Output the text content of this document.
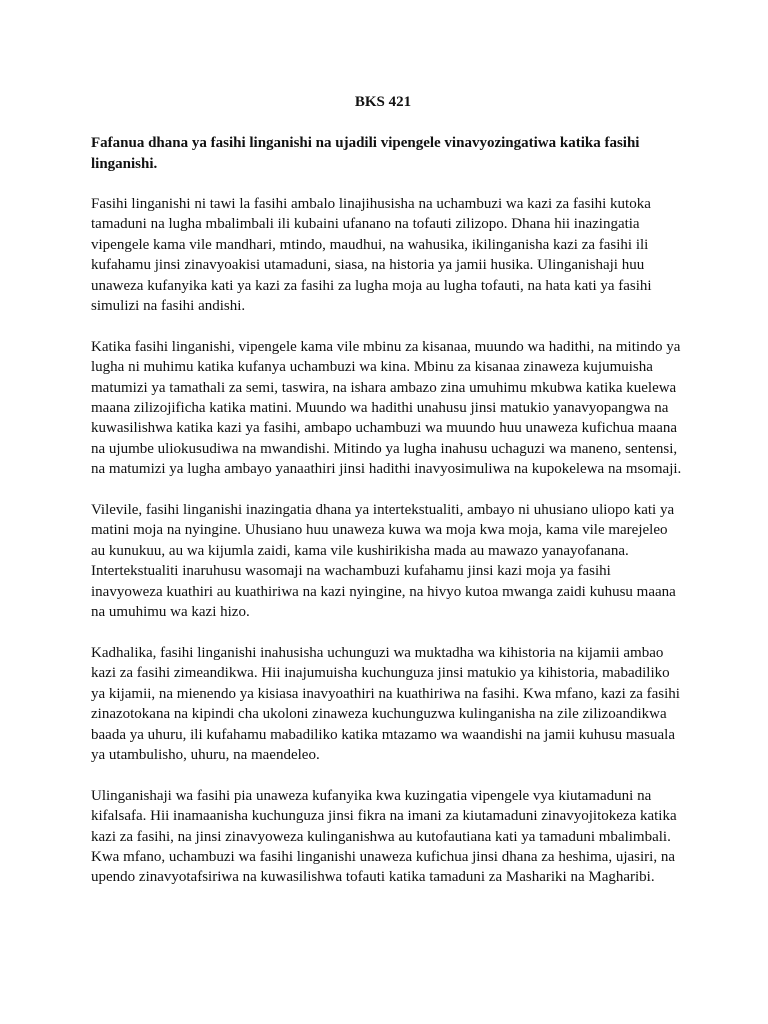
BKS 421

Fafanua dhana ya fasihi linganishi na ujadili vipengele vinavyozingatiwa katika fasihi linganishi.

Fasihi linganishi ni tawi la fasihi ambalo linajihusisha na uchambuzi wa kazi za fasihi kutoka tamaduni na lugha mbalimbali ili kubaini ufanano na tofauti zilizopo. Dhana hii inazingatia vipengele kama vile mandhari, mtindo, maudhui, na wahusika, ikilinganisha kazi za fasihi ili kufahamu jinsi zinavyoakisi utamaduni, siasa, na historia ya jamii husika. Ulinganishaji huu unaweza kufanyika kati ya kazi za fasihi za lugha moja au lugha tofauti, na hata kati ya fasihi simulizi na fasihi andishi.

Katika fasihi linganishi, vipengele kama vile mbinu za kisanaa, muundo wa hadithi, na mitindo ya lugha ni muhimu katika kufanya uchambuzi wa kina. Mbinu za kisanaa zinaweza kujumuisha matumizi ya tamathali za semi, taswira, na ishara ambazo zina umuhimu mkubwa katika kuelewa maana zilizojificha katika matini. Muundo wa hadithi unahusu jinsi matukio yanavyopangwa na kuwasilishwa katika kazi ya fasihi, ambapo uchambuzi wa muundo huu unaweza kufichua maana na ujumbe uliokusudiwa na mwandishi. Mitindo ya lugha inahusu uchaguzi wa maneno, sentensi, na matumizi ya lugha ambayo yanaathiri jinsi hadithi inavyosimuliwa na kupokelewa na msomaji.

Vilevile, fasihi linganishi inazingatia dhana ya intertekstualiti, ambayo ni uhusiano uliopo kati ya matini moja na nyingine. Uhusiano huu unaweza kuwa wa moja kwa moja, kama vile marejeleo au kunukuu, au wa kijumla zaidi, kama vile kushirikisha mada au mawazo yanayofanana. Intertekstualiti inaruhusu wasomaji na wachambuzi kufahamu jinsi kazi moja ya fasihi inavyoweza kuathiri au kuathiriwa na kazi nyingine, na hivyo kutoa mwanga zaidi kuhusu maana na umuhimu wa kazi hizo.

Kadhalika, fasihi linganishi inahusisha uchunguzi wa muktadha wa kihistoria na kijamii ambao kazi za fasihi zimeandikwa. Hii inajumuisha kuchunguza jinsi matukio ya kihistoria, mabadiliko ya kijamii, na mienendo ya kisiasa inavyoathiri na kuathiriwa na fasihi. Kwa mfano, kazi za fasihi zinazotokana na kipindi cha ukoloni zinaweza kuchunguzwa kulinganisha na zile zilizoandikwa baada ya uhuru, ili kufahamu mabadiliko katika mtazamo wa waandishi na jamii kuhusu masuala ya utambulisho, uhuru, na maendeleo.

Ulinganishaji wa fasihi pia unaweza kufanyika kwa kuzingatia vipengele vya kiutamaduni na kifalsafa. Hii inamaanisha kuchunguza jinsi fikra na imani za kiutamaduni zinavyojitokeza katika kazi za fasihi, na jinsi zinavyoweza kulinganishwa au kutofautiana kati ya tamaduni mbalimbali. Kwa mfano, uchambuzi wa fasihi linganishi unaweza kufichua jinsi dhana za heshima, ujasiri, na upendo zinavyotafsiriwa na kuwasilishwa tofauti katika tamaduni za Mashariki na Magharibi.
